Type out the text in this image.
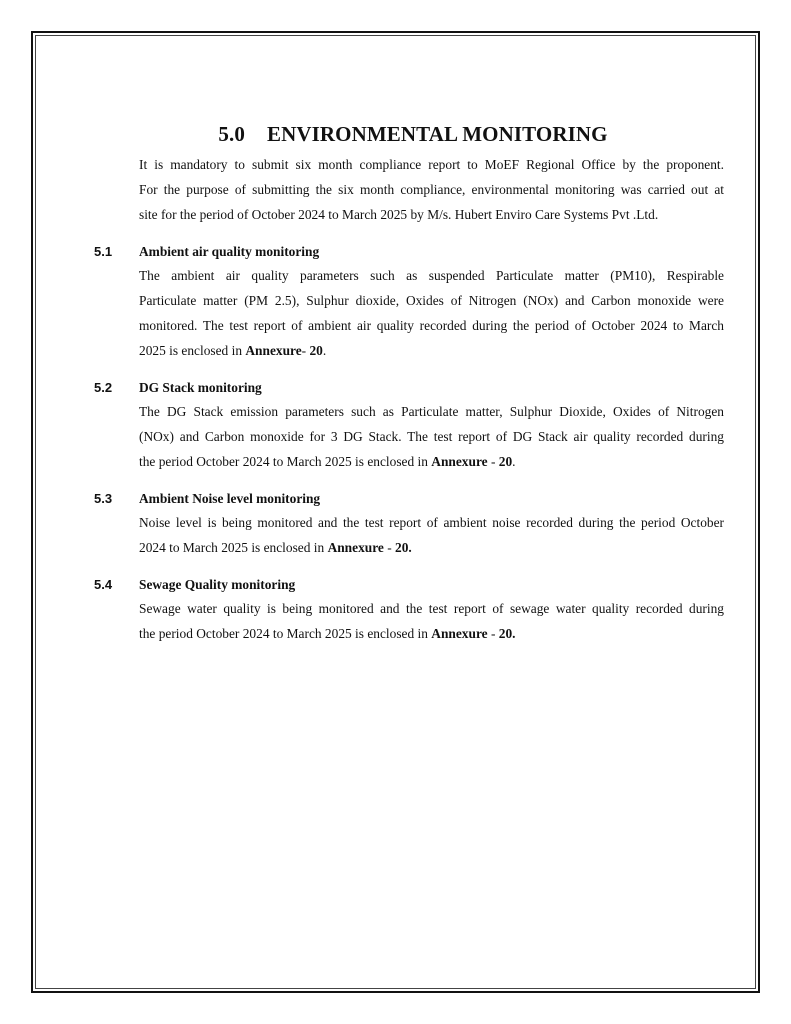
5.0 ENVIRONMENTAL MONITORING
It is mandatory to submit six month compliance report to MoEF Regional Office by the proponent.
For the purpose of submitting the six month compliance, environmental monitoring was carried out at
site for the period of October 2024 to March 2025 by M/s. Hubert Enviro Care Systems Pvt .Ltd.
5.1 Ambient air quality monitoring
The ambient air quality parameters such as suspended Particulate matter (PM10), Respirable
Particulate matter (PM 2.5), Sulphur dioxide, Oxides of Nitrogen (NOx) and Carbon monoxide were
monitored. The test report of ambient air quality recorded during the period of October 2024 to March
2025 is enclosed in Annexure- 20.
5.2 DG Stack monitoring
The DG Stack emission parameters such as Particulate matter, Sulphur Dioxide, Oxides of Nitrogen
(NOx) and Carbon monoxide for 3 DG Stack. The test report of DG Stack air quality recorded during
the period October 2024 to March 2025 is enclosed in Annexure - 20.
5.3 Ambient Noise level monitoring
Noise level is being monitored and the test report of ambient noise recorded during the period October
2024 to March 2025 is enclosed in Annexure - 20.
5.4 Sewage Quality monitoring
Sewage water quality is being monitored and the test report of sewage water quality recorded during
the period October 2024 to March 2025 is enclosed in Annexure - 20.
